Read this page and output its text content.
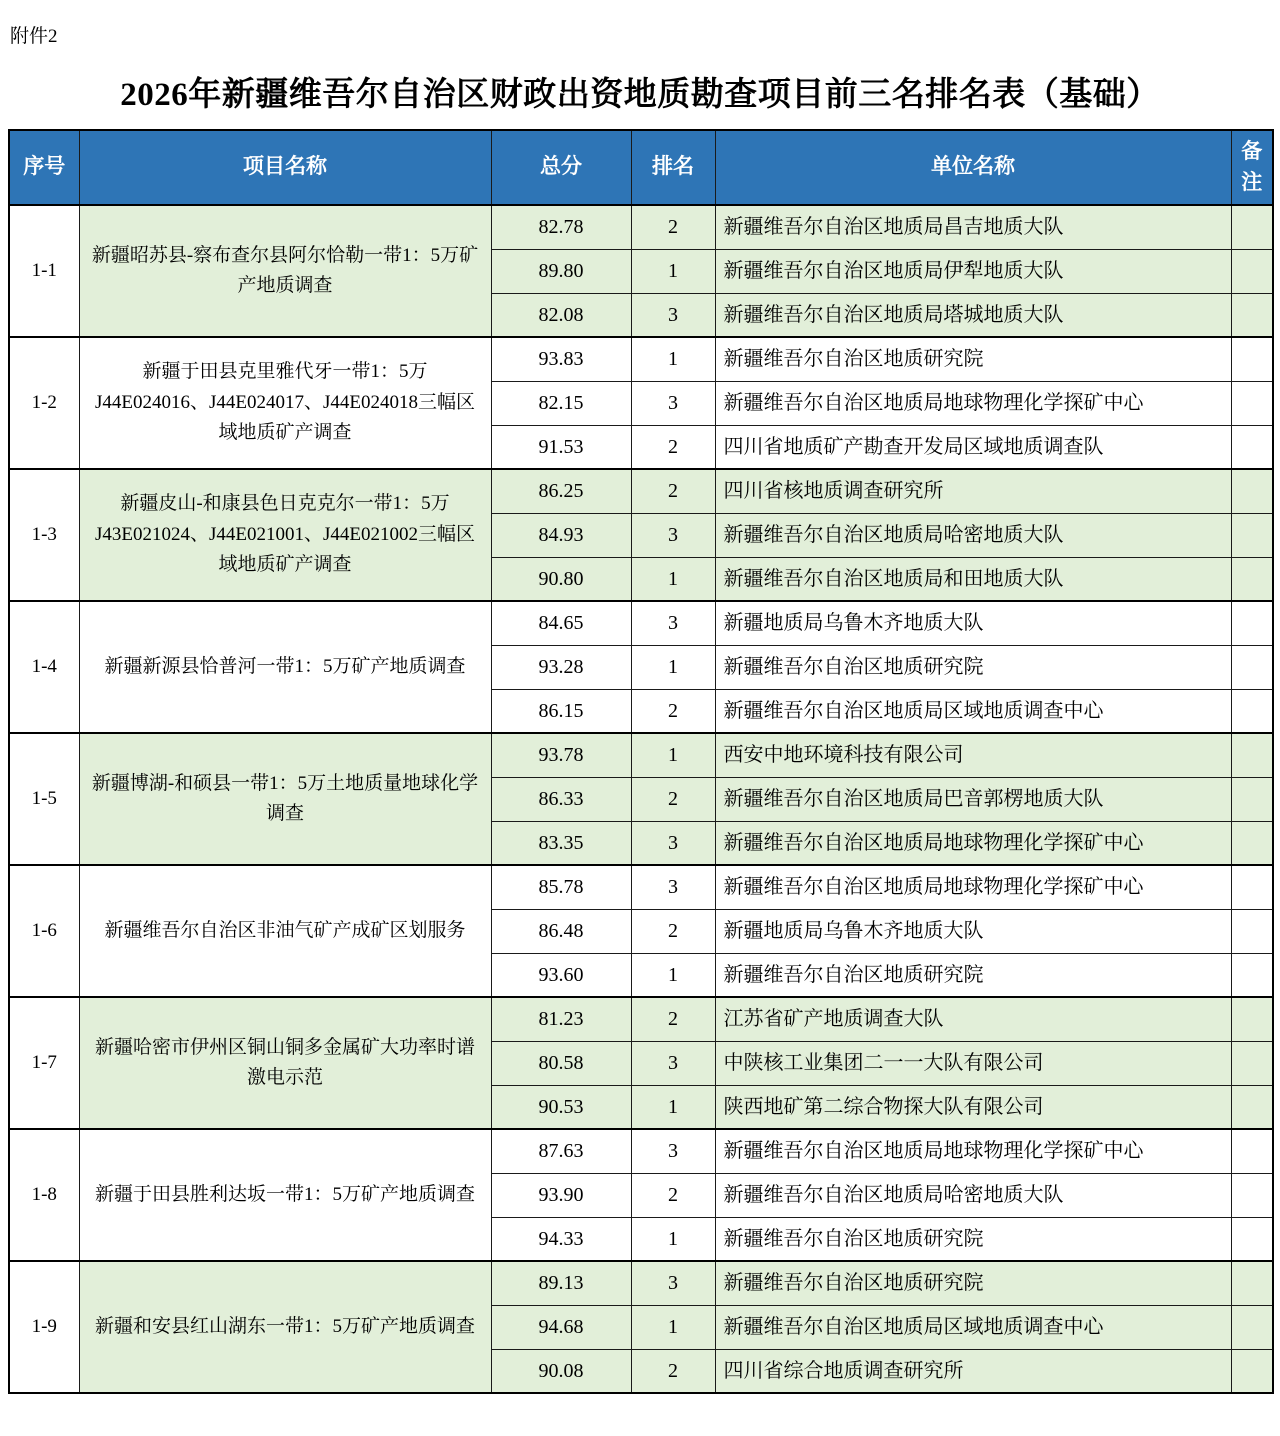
附件2
2026年新疆维吾尔自治区财政出资地质勘查项目前三名排名表（基础）
序号	项目名称	总分	排名	单位名称	备注
1-1	新疆昭苏县-察布查尔县阿尔恰勒一带1：5万矿产地质调查	82.78	2	新疆维吾尔自治区地质局昌吉地质大队	
		89.80	1	新疆维吾尔自治区地质局伊犁地质大队	
		82.08	3	新疆维吾尔自治区地质局塔城地质大队	
1-2	新疆于田县克里雅代牙一带1：5万J44E024016、J44E024017、J44E024018三幅区域地质矿产调查	93.83	1	新疆维吾尔自治区地质研究院	
		82.15	3	新疆维吾尔自治区地质局地球物理化学探矿中心	
		91.53	2	四川省地质矿产勘查开发局区域地质调查队	
1-3	新疆皮山-和康县色日克克尔一带1：5万J43E021024、J44E021001、J44E021002三幅区域地质矿产调查	86.25	2	四川省核地质调查研究所	
		84.93	3	新疆维吾尔自治区地质局哈密地质大队	
		90.80	1	新疆维吾尔自治区地质局和田地质大队	
1-4	新疆新源县恰普河一带1：5万矿产地质调查	84.65	3	新疆地质局乌鲁木齐地质大队	
		93.28	1	新疆维吾尔自治区地质研究院	
		86.15	2	新疆维吾尔自治区地质局区域地质调查中心	
1-5	新疆博湖-和硕县一带1：5万土地质量地球化学调查	93.78	1	西安中地环境科技有限公司	
		86.33	2	新疆维吾尔自治区地质局巴音郭楞地质大队	
		83.35	3	新疆维吾尔自治区地质局地球物理化学探矿中心	
1-6	新疆维吾尔自治区非油气矿产成矿区划服务	85.78	3	新疆维吾尔自治区地质局地球物理化学探矿中心	
		86.48	2	新疆地质局乌鲁木齐地质大队	
		93.60	1	新疆维吾尔自治区地质研究院	
1-7	新疆哈密市伊州区铜山铜多金属矿大功率时谱激电示范	81.23	2	江苏省矿产地质调查大队	
		80.58	3	中陕核工业集团二一一大队有限公司	
		90.53	1	陕西地矿第二综合物探大队有限公司	
1-8	新疆于田县胜利达坂一带1：5万矿产地质调查	87.63	3	新疆维吾尔自治区地质局地球物理化学探矿中心	
		93.90	2	新疆维吾尔自治区地质局哈密地质大队	
		94.33	1	新疆维吾尔自治区地质研究院	
1-9	新疆和安县红山湖东一带1：5万矿产地质调查	89.13	3	新疆维吾尔自治区地质研究院	
		94.68	1	新疆维吾尔自治区地质局区域地质调查中心	
		90.08	2	四川省综合地质调查研究所	
